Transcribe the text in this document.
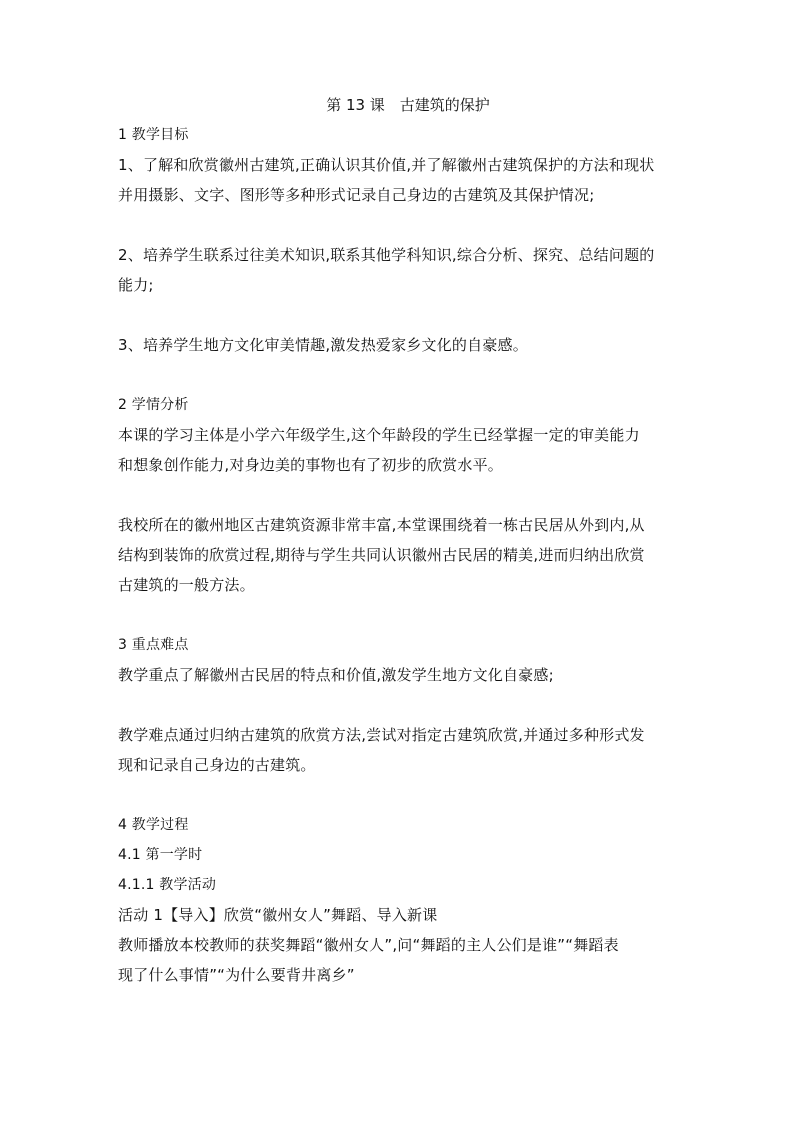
第 13 课　古建筑的保护
1 教学目标
1、了解和欣赏徽州古建筑,正确认识其价值,并了解徽州古建筑保护的方法和现状
并用摄影、文字、图形等多种形式记录自己身边的古建筑及其保护情况;
2、培养学生联系过往美术知识,联系其他学科知识,综合分析、探究、总结问题的
能力;
3、培养学生地方文化审美情趣,激发热爱家乡文化的自豪感。
2 学情分析
本课的学习主体是小学六年级学生,这个年龄段的学生已经掌握一定的审美能力
和想象创作能力,对身边美的事物也有了初步的欣赏水平。
我校所在的徽州地区古建筑资源非常丰富,本堂课围绕着一栋古民居从外到内,从
结构到装饰的欣赏过程,期待与学生共同认识徽州古民居的精美,进而归纳出欣赏
古建筑的一般方法。
3 重点难点
教学重点了解徽州古民居的特点和价值,激发学生地方文化自豪感;
教学难点通过归纳古建筑的欣赏方法,尝试对指定古建筑欣赏,并通过多种形式发
现和记录自己身边的古建筑。
4 教学过程
4.1 第一学时
4.1.1 教学活动
活动 1【导入】欣赏“徽州女人”舞蹈、导入新课
教师播放本校教师的获奖舞蹈“徽州女人”,问“舞蹈的主人公们是谁”“舞蹈表
现了什么事情”“为什么要背井离乡”
